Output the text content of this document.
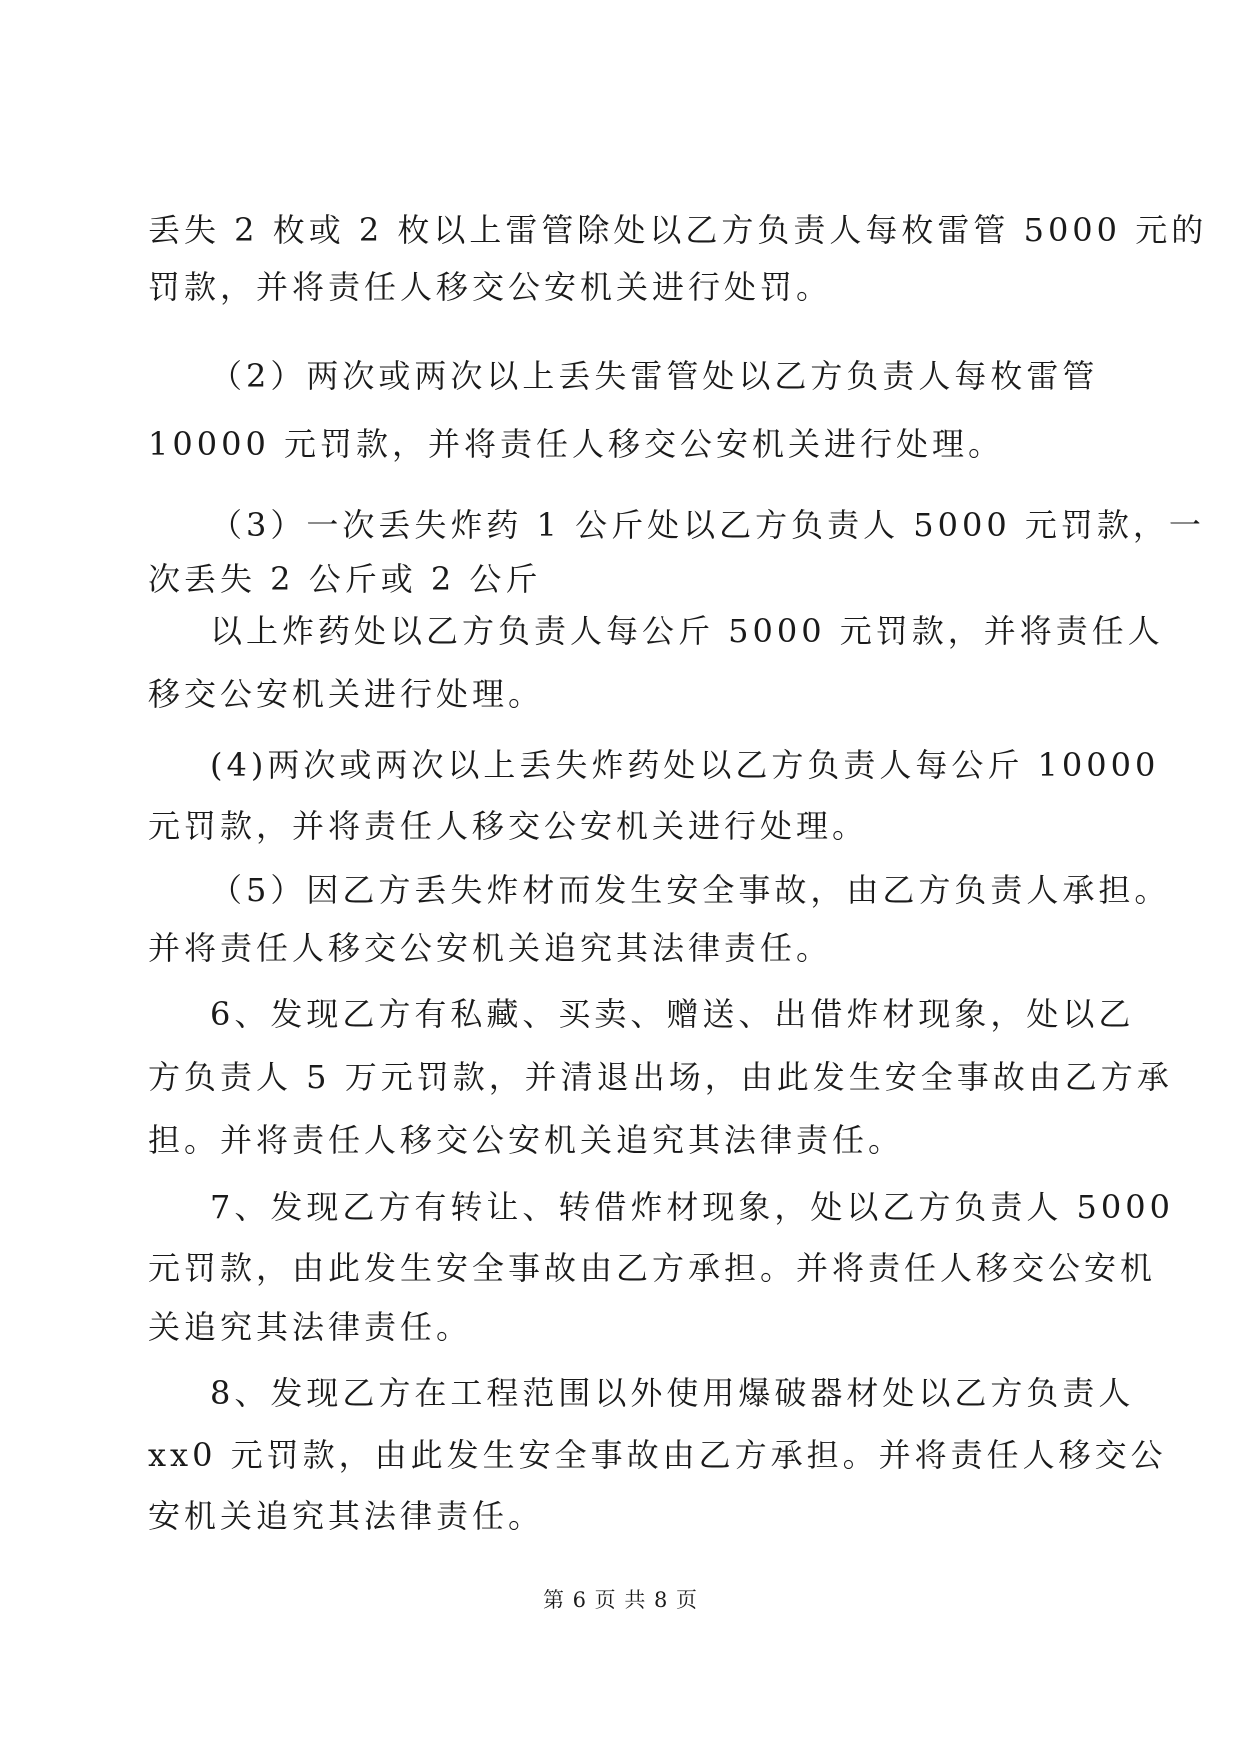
丢失 2 枚或 2 枚以上雷管除处以乙方负责人每枚雷管 5000 元的
罚款，并将责任人移交公安机关进行处罚。
（2）两次或两次以上丢失雷管处以乙方负责人每枚雷管
10000 元罚款，并将责任人移交公安机关进行处理。
（3）一次丢失炸药 1 公斤处以乙方负责人 5000 元罚款，一
次丢失 2 公斤或 2 公斤
以上炸药处以乙方负责人每公斤 5000 元罚款，并将责任人
移交公安机关进行处理。
(4)两次或两次以上丢失炸药处以乙方负责人每公斤 10000
元罚款，并将责任人移交公安机关进行处理。
（5）因乙方丢失炸材而发生安全事故，由乙方负责人承担。
并将责任人移交公安机关追究其法律责任。
6、发现乙方有私藏、买卖、赠送、出借炸材现象，处以乙
方负责人 5 万元罚款，并清退出场，由此发生安全事故由乙方承
担。并将责任人移交公安机关追究其法律责任。
7、发现乙方有转让、转借炸材现象，处以乙方负责人 5000
元罚款，由此发生安全事故由乙方承担。并将责任人移交公安机
关追究其法律责任。
8、发现乙方在工程范围以外使用爆破器材处以乙方负责人
xx0 元罚款，由此发生安全事故由乙方承担。并将责任人移交公
安机关追究其法律责任。
第 6 页 共 8 页
